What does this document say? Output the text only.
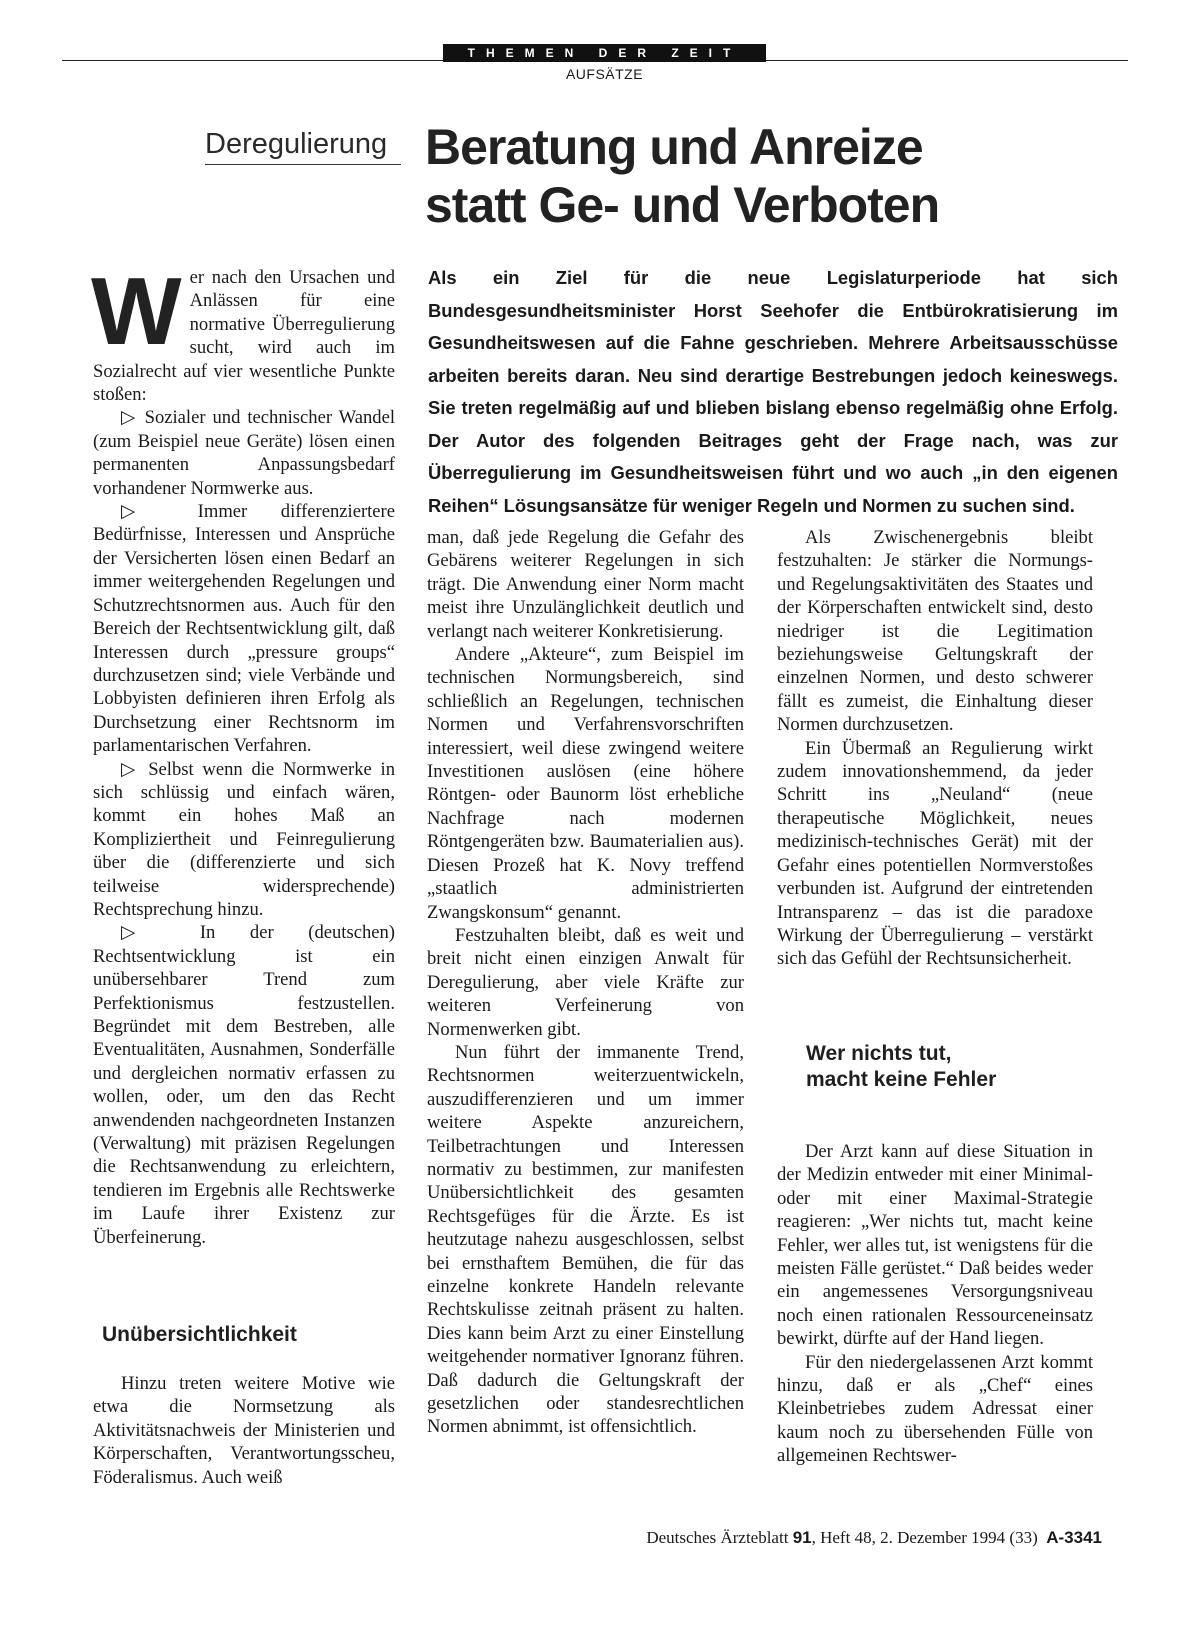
THEMEN DER ZEIT
AUFSÄTZE
Deregulierung Beratung und Anreize
statt Ge- und Verboten

Als ein Ziel für die neue Legislaturperiode hat sich Bundesgesundheitsminister Horst Seehofer die Entbürokratisierung im Gesundheitswesen auf die Fahne geschrieben. Mehrere Arbeitsausschüsse arbeiten bereits daran. Neu sind derartige Bestrebungen jedoch keineswegs. Sie treten regelmäßig auf und blieben bislang ebenso regelmäßig ohne Erfolg. Der Autor des folgenden Beitrages geht der Frage nach, was zur Überregulierung im Gesundheitsweisen führt und wo auch „in den eigenen Reihen“ Lösungsansätze für weniger Regeln und Normen zu suchen sind.

Wer nach den Ursachen und Anlässen für eine normative Überregulierung sucht, wird auch im Sozialrecht auf vier wesentliche Punkte stoßen:

▷ Sozialer und technischer Wandel (zum Beispiel neue Geräte) lösen einen permanenten Anpassungsbedarf vorhandener Normwerke aus.

▷ Immer differenziertere Bedürfnisse, Interessen und Ansprüche der Versicherten lösen einen Bedarf an immer weitergehenden Regelungen und Schutzrechtsnormen aus. Auch für den Bereich der Rechtsentwicklung gilt, daß Interessen durch „pressure groups“ durchzusetzen sind; viele Verbände und Lobbyisten definieren ihren Erfolg als Durchsetzung einer Rechtsnorm im parlamentarischen Verfahren.

▷ Selbst wenn die Normwerke in sich schlüssig und einfach wären, kommt ein hohes Maß an Kompliziertheit und Feinregulierung über die (differenzierte und sich teilweise widersprechende) Rechtsprechung hinzu.

▷ In der (deutschen) Rechtsentwicklung ist ein unübersehbarer Trend zum Perfektionismus festzustellen. Begründet mit dem Bestreben, alle Eventualitäten, Ausnahmen, Sonderfälle und dergleichen normativ erfassen zu wollen, oder, um den das Recht anwendenden nachgeordneten Instanzen (Verwaltung) mit präzisen Regelungen die Rechtsanwendung zu erleichtern, tendieren im Ergebnis alle Rechtswerke im Laufe ihrer Existenz zur Überfeinerung.

Unübersichtlichkeit

Hinzu treten weitere Motive wie etwa die Normsetzung als Aktivitätsnachweis der Ministerien und Körperschaften, Verantwortungsscheu, Föderalismus. Auch weiß

man, daß jede Regelung die Gefahr des Gebärens weiterer Regelungen in sich trägt. Die Anwendung einer Norm macht meist ihre Unzulänglichkeit deutlich und verlangt nach weiterer Konkretisierung.

Andere „Akteure“, zum Beispiel im technischen Normungsbereich, sind schließlich an Regelungen, technischen Normen und Verfahrensvorschriften interessiert, weil diese zwingend weitere Investitionen auslösen (eine höhere Röntgen- oder Baunorm löst erhebliche Nachfrage nach modernen Röntgengeräten bzw. Baumaterialien aus). Diesen Prozeß hat K. Novy treffend „staatlich administrierten Zwangskonsum“ genannt.

Festzuhalten bleibt, daß es weit und breit nicht einen einzigen Anwalt für Deregulierung, aber viele Kräfte zur weiteren Verfeinerung von Normenwerken gibt.

Nun führt der immanente Trend, Rechtsnormen weiterzuentwickeln, auszudifferenzieren und um immer weitere Aspekte anzureichern, Teilbetrachtungen und Interessen normativ zu bestimmen, zur manifesten Unübersichtlichkeit des gesamten Rechtsgefüges für die Ärzte. Es ist heutzutage nahezu ausgeschlossen, selbst bei ernsthaftem Bemühen, die für das einzelne konkrete Handeln relevante Rechtskulisse zeitnah präsent zu halten. Dies kann beim Arzt zu einer Einstellung weitgehender normativer Ignoranz führen. Daß dadurch die Geltungskraft der gesetzlichen oder standesrechtlichen Normen abnimmt, ist offensichtlich.

Als Zwischenergebnis bleibt festzuhalten: Je stärker die Normungs- und Regelungsaktivitäten des Staates und der Körperschaften entwickelt sind, desto niedriger ist die Legitimation beziehungsweise Geltungskraft der einzelnen Normen, und desto schwerer fällt es zumeist, die Einhaltung dieser Normen durchzusetzen.

Ein Übermaß an Regulierung wirkt zudem innovationshemmend, da jeder Schritt ins „Neuland“ (neue therapeutische Möglichkeit, neues medizinisch-technisches Gerät) mit der Gefahr eines potentiellen Normverstoßes verbunden ist. Aufgrund der eintretenden Intransparenz – das ist die paradoxe Wirkung der Überregulierung – verstärkt sich das Gefühl der Rechtsunsicherheit.

Wer nichts tut,
macht keine Fehler

Der Arzt kann auf diese Situation in der Medizin entweder mit einer Minimal- oder mit einer Maximal-Strategie reagieren: „Wer nichts tut, macht keine Fehler, wer alles tut, ist wenigstens für die meisten Fälle gerüstet.“ Daß beides weder ein angemessenes Versorgungsniveau noch einen rationalen Ressourceneinsatz bewirkt, dürfte auf der Hand liegen.

Für den niedergelassenen Arzt kommt hinzu, daß er als „Chef“ eines Kleinbetriebes zudem Adressat einer kaum noch zu übersehenden Fülle von allgemeinen Rechtswer-

Deutsches Ärzteblatt 91, Heft 48, 2. Dezember 1994 (33) A-3341
